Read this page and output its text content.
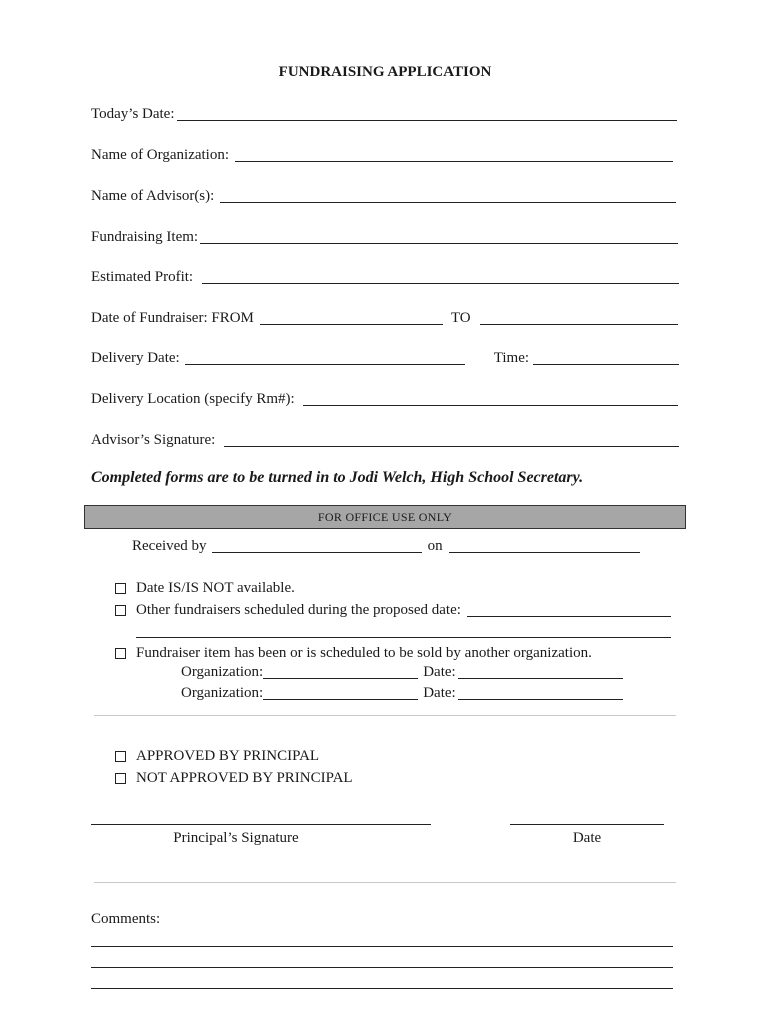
FUNDRAISING APPLICATION
Today’s Date:
Name of Organization:
Name of Advisor(s):
Fundraising Item:
Estimated Profit:
Date of Fundraiser: FROM	TO
Delivery Date:	Time:
Delivery Location (specify Rm#):
Advisor’s Signature:
Completed forms are to be turned in to Jodi Welch, High School Secretary.
FOR OFFICE USE ONLY
Received by	on
Date IS/IS NOT available.
Other fundraisers scheduled during the proposed date:
Fundraiser item has been or is scheduled to be sold by another organization.
Organization:	Date:
Organization:	Date:
APPROVED BY PRINCIPAL
NOT APPROVED BY PRINCIPAL
Principal’s Signature	Date
Comments:
